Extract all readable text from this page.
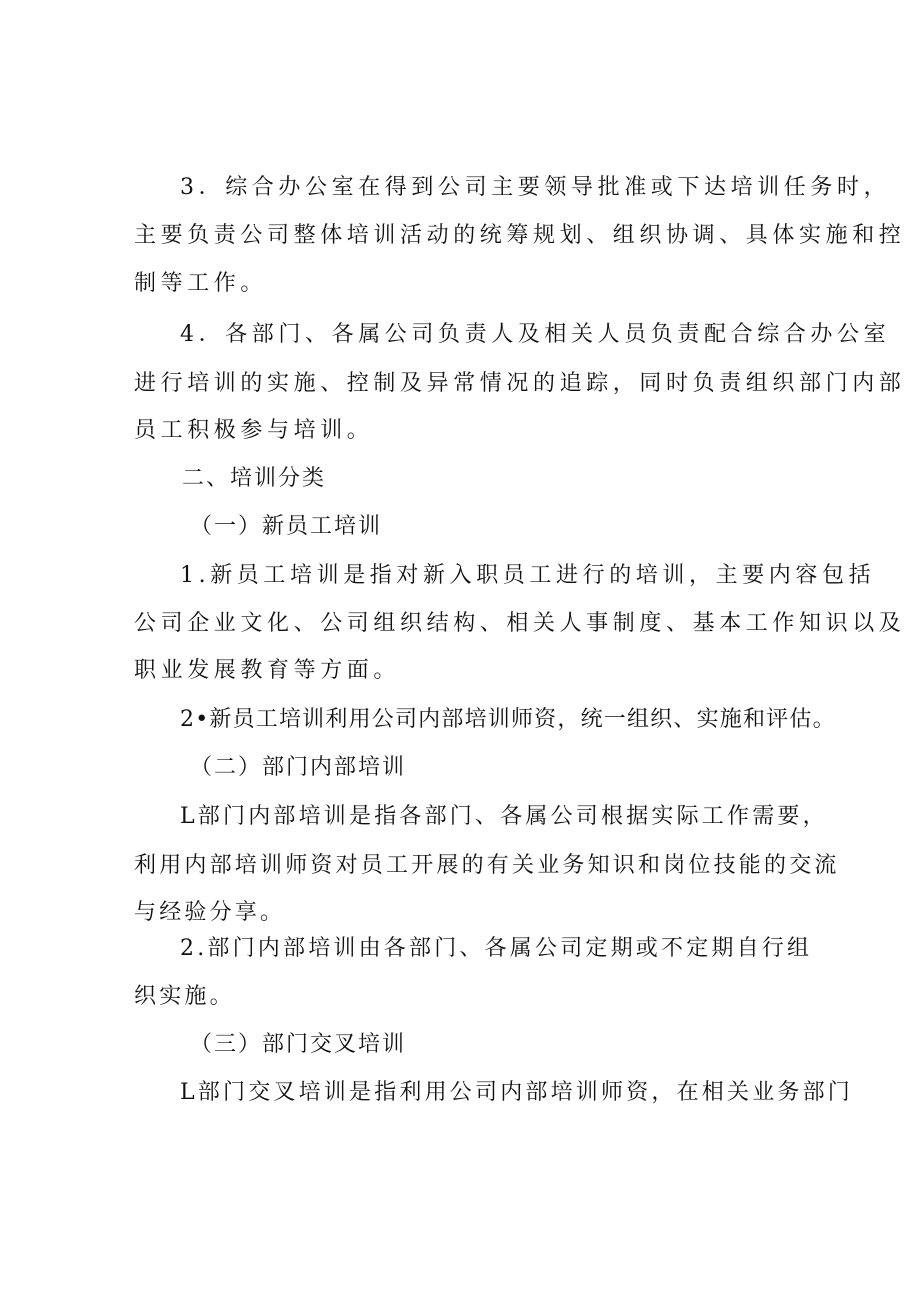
3．综合办公室在得到公司主要领导批准或下达培训任务时，

主要负责公司整体培训活动的统筹规划、组织协调、具体实施和控

制等工作。

4．各部门、各属公司负责人及相关人员负责配合综合办公室

进行培训的实施、控制及异常情况的追踪，同时负责组织部门内部

员工积极参与培训。

二、培训分类

（一）新员工培训

1.新员工培训是指对新入职员工进行的培训，主要内容包括

公司企业文化、公司组织结构、相关人事制度、基本工作知识以及

职业发展教育等方面。

2•新员工培训利用公司内部培训师资，统一组织、实施和评估。

（二）部门内部培训

L部门内部培训是指各部门、各属公司根据实际工作需要，

利用内部培训师资对员工开展的有关业务知识和岗位技能的交流

与经验分享。

2.部门内部培训由各部门、各属公司定期或不定期自行组

织实施。

（三）部门交叉培训

L部门交叉培训是指利用公司内部培训师资，在相关业务部门
